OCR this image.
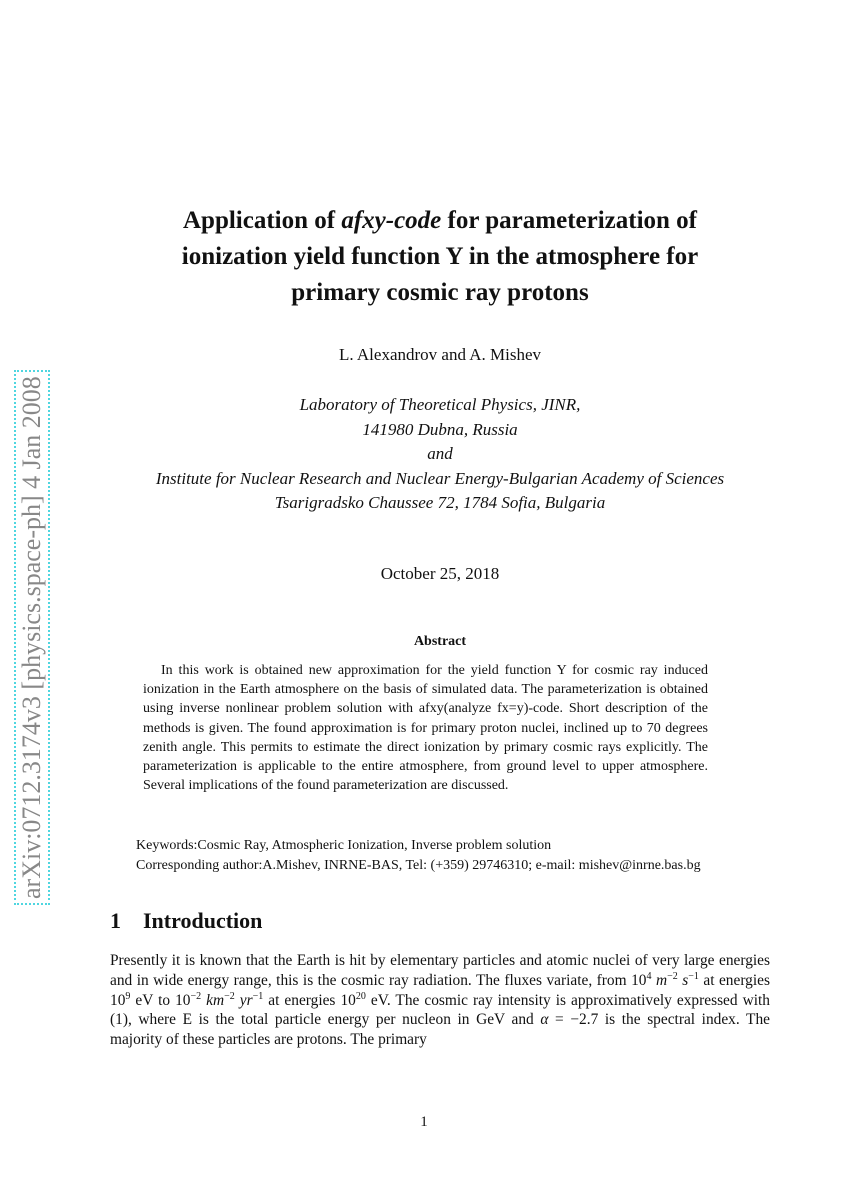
arXiv:0712.3174v3 [physics.space-ph] 4 Jan 2008
Application of afxy-code for parameterization of
ionization yield function Y in the atmosphere for
primary cosmic ray protons
L. Alexandrov and A. Mishev
Laboratory of Theoretical Physics, JINR,
141980 Dubna, Russia
and
Institute for Nuclear Research and Nuclear Energy-Bulgarian Academy of Sciences
Tsarigradsko Chaussee 72, 1784 Sofia, Bulgaria
October 25, 2018
Abstract
In this work is obtained new approximation for the yield function Y for cosmic ray induced ionization in the Earth atmosphere on the basis of simulated data. The parameterization is obtained using inverse nonlinear problem solution with afxy(analyze fx=y)-code. Short description of the methods is given. The found approximation is for primary proton nuclei, inclined up to 70 degrees zenith angle. This permits to estimate the direct ionization by primary cosmic rays explicitly. The parameterization is applicable to the entire atmosphere, from ground level to upper atmosphere. Several implications of the found parameterization are discussed.
Keywords:Cosmic Ray, Atmospheric Ionization, Inverse problem solution
Corresponding author:A.Mishev, INRNE-BAS, Tel: (+359) 29746310; e-mail: mishev@inrne.bas.bg
1 Introduction
Presently it is known that the Earth is hit by elementary particles and atomic nuclei of very large energies and in wide energy range, this is the cosmic ray radiation. The fluxes variate, from $10^4$ $m^{-2}$ $s^{-1}$ at energies $10^9$ eV to $10^{-2}$ $km^{-2}$ $yr^{-1}$ at energies $10^{20}$ eV. The cosmic ray intensity is approximatively expressed with (1), where E is the total particle energy per nucleon in GeV and α = −2.7 is the spectral index. The majority of these particles are protons. The primary
1
